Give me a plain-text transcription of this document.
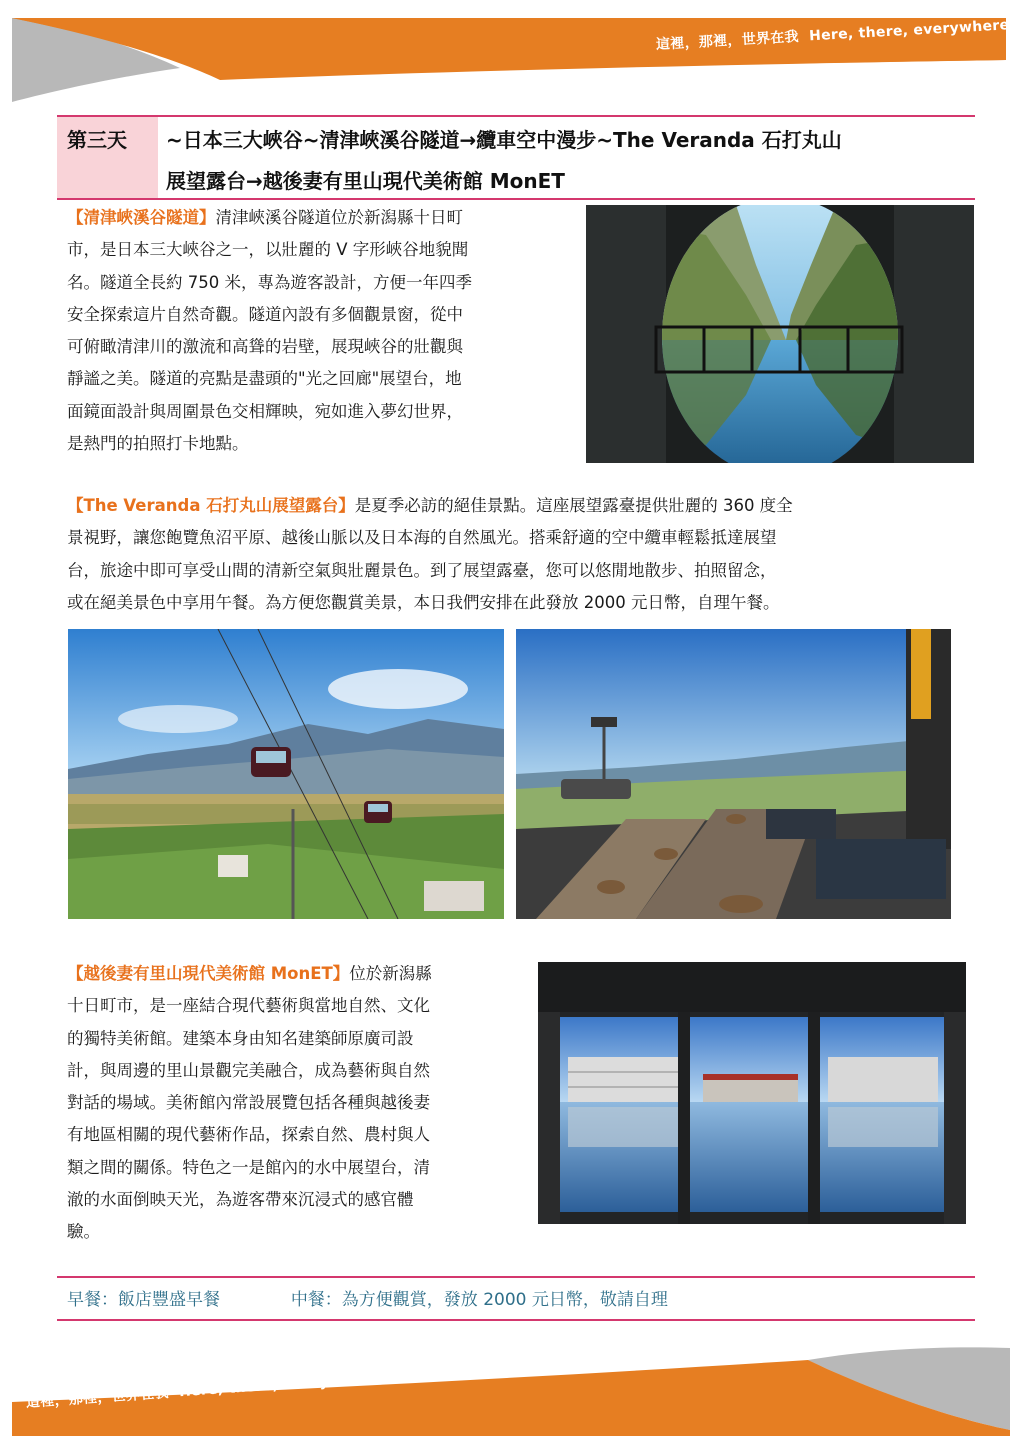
這裡，那裡，世界在我 Here, there, everywhere
第三天 ~日本三大峽谷~清津峽溪谷隧道→纜車空中漫步~The Veranda 石打丸山
展望露台→越後妻有里山現代美術館 MonET

【清津峽溪谷隧道】清津峽溪谷隧道位於新潟縣十日町
市，是日本三大峽谷之一，以壯麗的 V 字形峽谷地貌聞
名。隧道全長約 750 米，專為遊客設計，方便一年四季
安全探索這片自然奇觀。隧道內設有多個觀景窗，從中
可俯瞰清津川的激流和高聳的岩壁，展現峽谷的壯觀與
靜謐之美。隧道的亮點是盡頭的"光之回廊"展望台，地
面鏡面設計與周圍景色交相輝映，宛如進入夢幻世界，
是熱門的拍照打卡地點。

【The Veranda 石打丸山展望露台】是夏季必訪的絕佳景點。這座展望露臺提供壯麗的 360 度全
景視野，讓您飽覽魚沼平原、越後山脈以及日本海的自然風光。搭乘舒適的空中纜車輕鬆抵達展望
台，旅途中即可享受山間的清新空氣與壯麗景色。到了展望露臺，您可以悠閒地散步、拍照留念，
或在絕美景色中享用午餐。為方便您觀賞美景，本日我們安排在此發放 2000 元日幣，自理午餐。

【越後妻有里山現代美術館 MonET】位於新潟縣
十日町市，是一座結合現代藝術與當地自然、文化
的獨特美術館。建築本身由知名建築師原廣司設
計，與周邊的里山景觀完美融合，成為藝術與自然
對話的場域。美術館內常設展覽包括各種與越後妻
有地區相關的現代藝術作品，探索自然、農村與人
類之間的關係。特色之一是館內的水中展望台，清
澈的水面倒映天光，為遊客帶來沉浸式的感官體
驗。

早餐：飯店豐盛早餐	中餐：為方便觀賞，發放 2000 元日幣，敬請自理
這裡，那裡，世界在我 Here, there, everywhere
